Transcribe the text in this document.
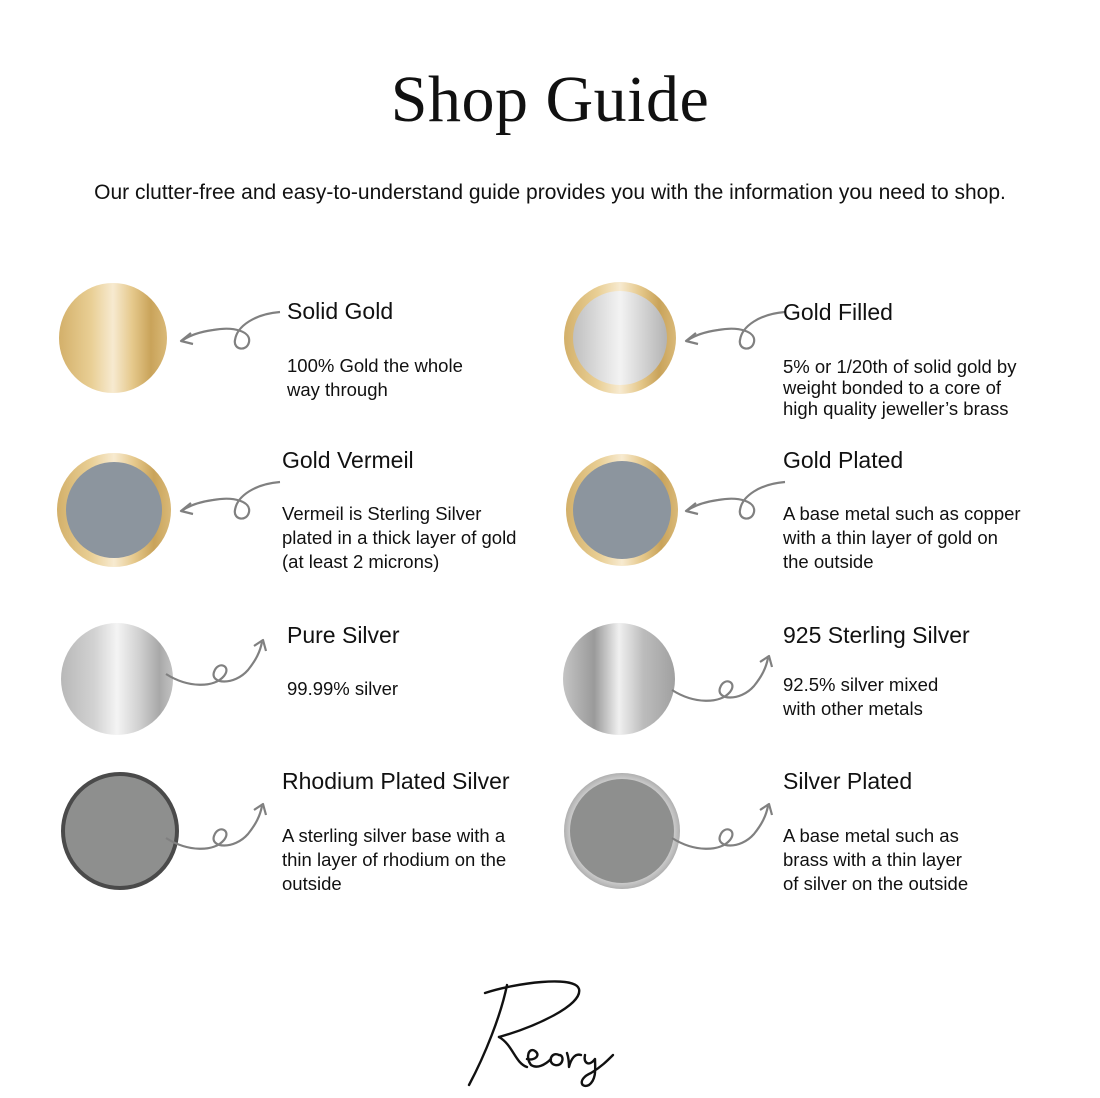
Shop Guide

Our clutter-free and easy-to-understand guide provides you with the information you need to shop.

Solid Gold
100% Gold the whole
way through
Gold Filled
5% or 1/20th of solid gold by
weight bonded to a core of
high quality jeweller’s brass
Gold Vermeil
Vermeil is Sterling Silver
plated in a thick layer of gold
(at least 2 microns)
Gold Plated
A base metal such as copper
with a thin layer of gold on
the outside
Pure Silver
99.99% silver
925 Sterling Silver
92.5% silver mixed
with other metals
Rhodium Plated Silver
A sterling silver base with a
thin layer of rhodium on the
outside
Silver Plated
A base metal such as
brass with a thin layer
of silver on the outside
